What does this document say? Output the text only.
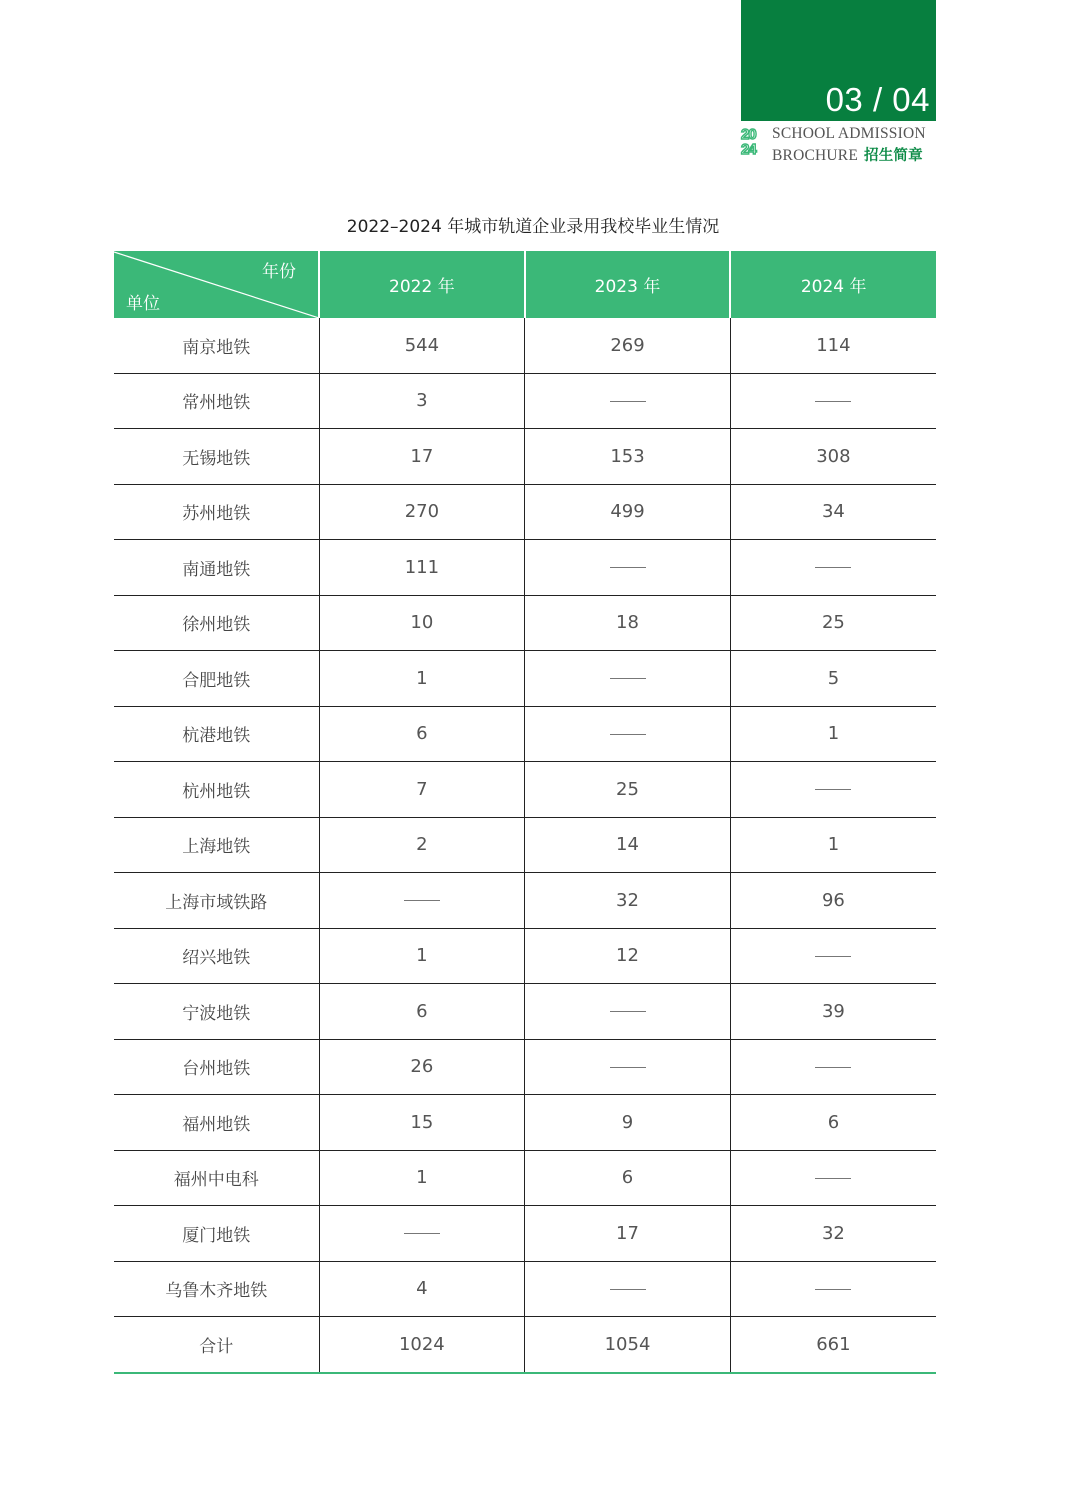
03 / 04
20
24
SCHOOL ADMISSION
BROCHURE 招生简章
2022–2024 年城市轨道企业录用我校毕业生情况
年份
单位	2022 年	2023 年	2024 年
南京地铁	544	269	114
常州地铁	3		
无锡地铁	17	153	308
苏州地铁	270	499	34
南通地铁	111		
徐州地铁	10	18	25
合肥地铁	1		5
杭港地铁	6		1
杭州地铁	7	25	
上海地铁	2	14	1
上海市域铁路		32	96
绍兴地铁	1	12	
宁波地铁	6		39
台州地铁	26		
福州地铁	15	9	6
福州中电科	1	6	
厦门地铁		17	32
乌鲁木齐地铁	4		
合计	1024	1054	661
